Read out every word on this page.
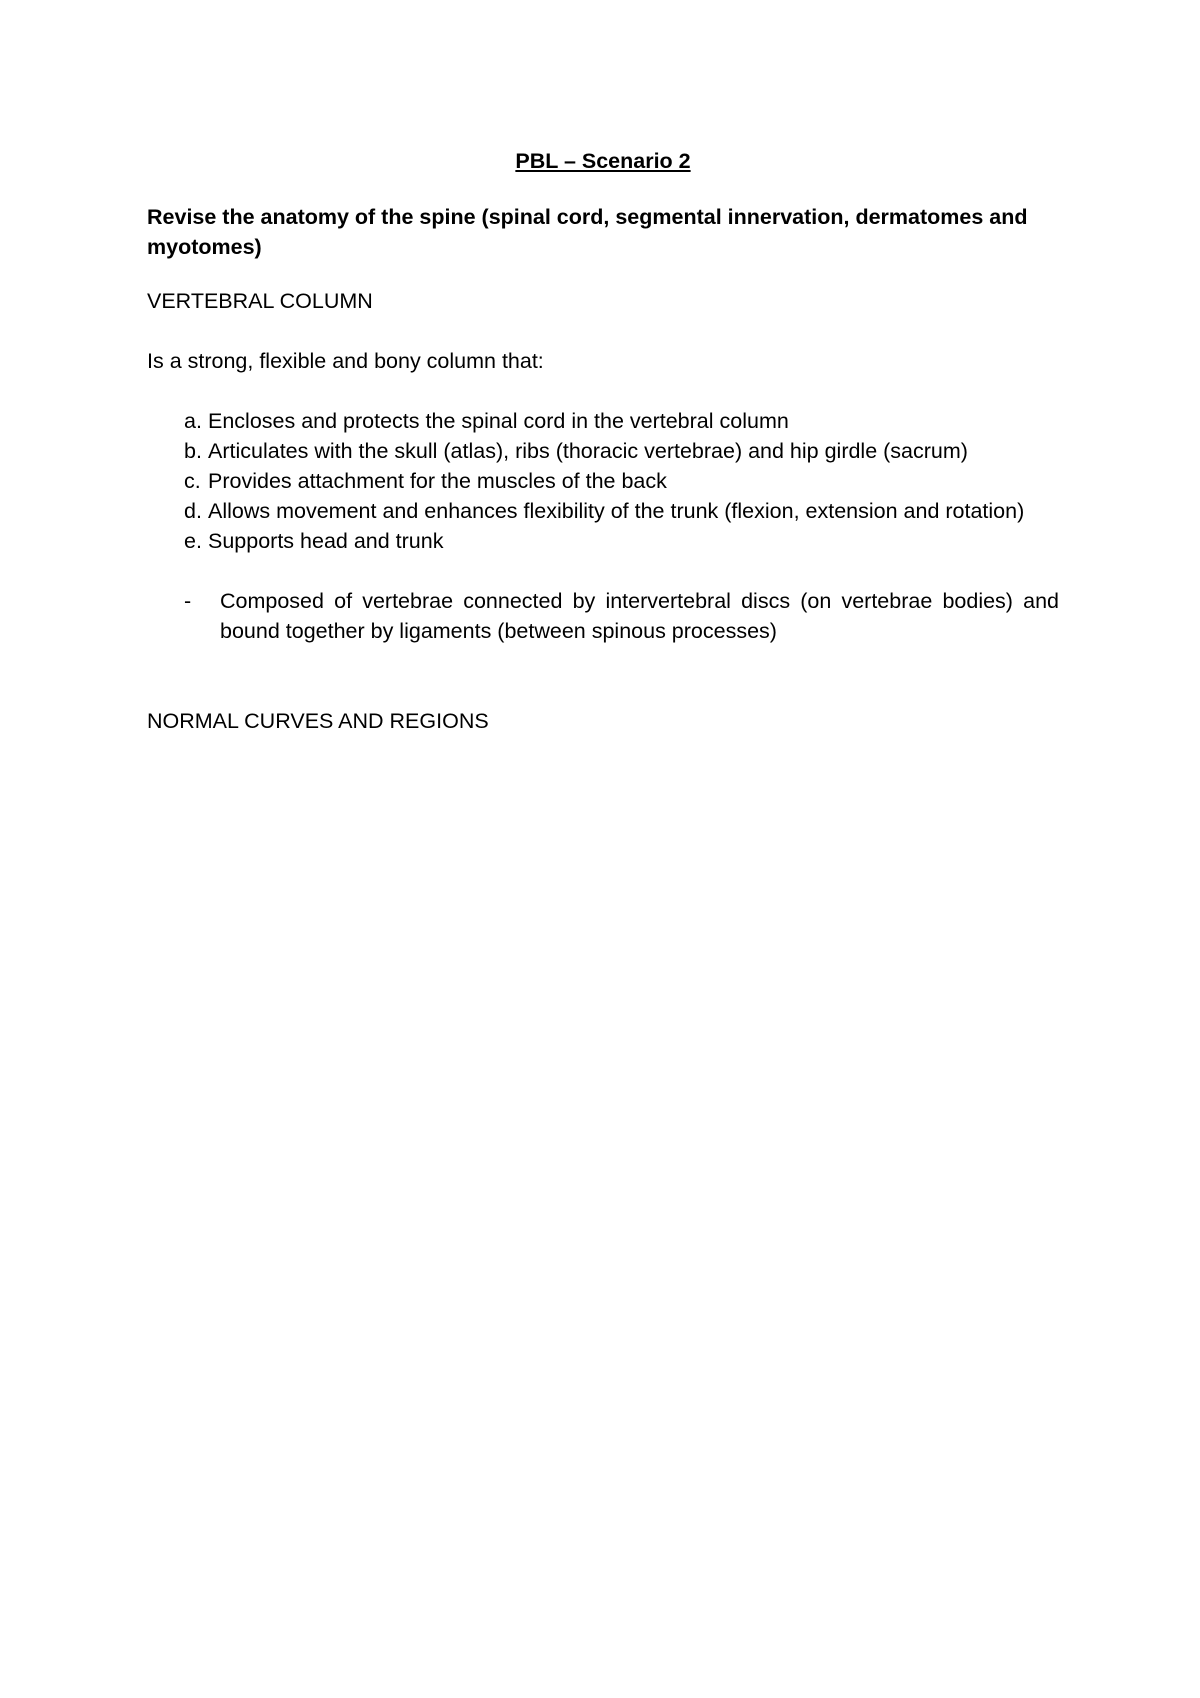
PBL – Scenario 2
Revise the anatomy of the spine (spinal cord, segmental innervation, dermatomes and myotomes)
VERTEBRAL COLUMN
Is a strong, flexible and bony column that:
a. Encloses and protects the spinal cord in the vertebral column
b. Articulates with the skull (atlas), ribs (thoracic vertebrae) and hip girdle (sacrum)
c. Provides attachment for the muscles of the back
d. Allows movement and enhances flexibility of the trunk (flexion, extension and rotation)
e. Supports head and trunk
- Composed of vertebrae connected by intervertebral discs (on vertebrae bodies) and bound together by ligaments (between spinous processes)
NORMAL CURVES AND REGIONS
